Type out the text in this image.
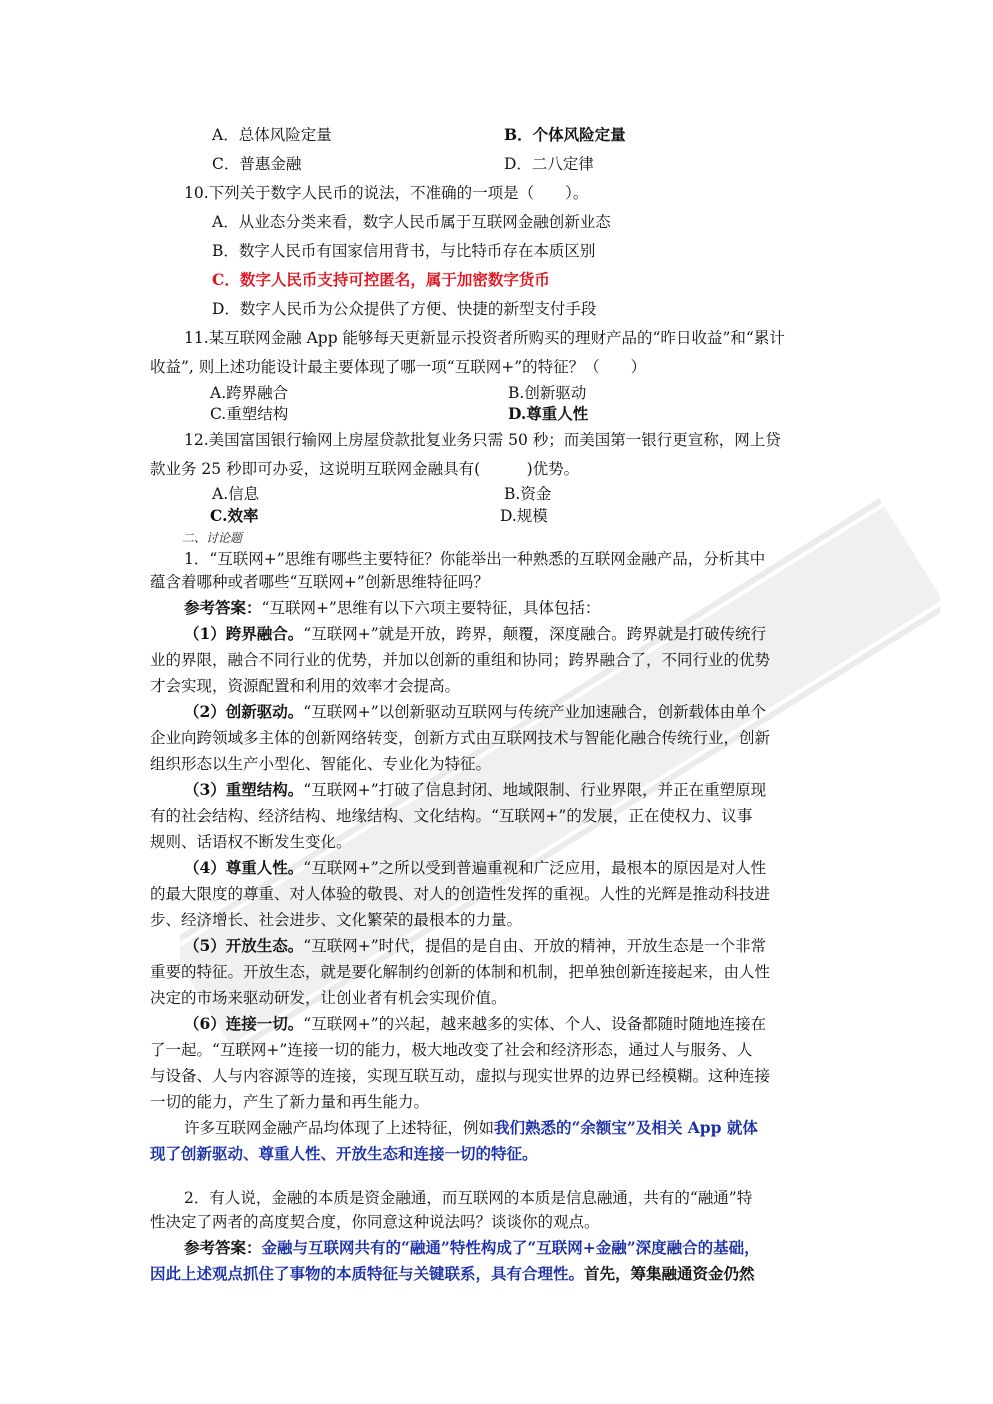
A．总体风险定量	B．个体风险定量
C．普惠金融	D．二八定律
10.下列关于数字人民币的说法，不准确的一项是（　　）。
A．从业态分类来看，数字人民币属于互联网金融创新业态
B．数字人民币有国家信用背书，与比特币存在本质区别
C．数字人民币支持可控匿名，属于加密数字货币
D．数字人民币为公众提供了方便、快捷的新型支付手段
11.某互联网金融 App 能够每天更新显示投资者所购买的理财产品的“昨日收益”和“累计
收益”, 则上述功能设计最主要体现了哪一项“互联网+”的特征？（　　）
A.跨界融合	B.创新驱动
C.重塑结构	D.尊重人性
12.美国富国银行输网上房屋贷款批复业务只需 50 秒；而美国第一银行更宣称，网上贷
款业务 25 秒即可办妥，这说明互联网金融具有(　　　)优势。
A.信息	B.资金
C.效率	D.规模
二、讨论题
1．“互联网+”思维有哪些主要特征？你能举出一种熟悉的互联网金融产品，分析其中
蕴含着哪种或者哪些“互联网+”创新思维特征吗？
参考答案：“互联网+”思维有以下六项主要特征，具体包括：
（1）跨界融合。“互联网+”就是开放，跨界，颠覆，深度融合。跨界就是打破传统行
业的界限，融合不同行业的优势，并加以创新的重组和协同；跨界融合了，不同行业的优势
才会实现，资源配置和利用的效率才会提高。
（2）创新驱动。“互联网+”以创新驱动互联网与传统产业加速融合，创新载体由单个
企业向跨领域多主体的创新网络转变，创新方式由互联网技术与智能化融合传统行业，创新
组织形态以生产小型化、智能化、专业化为特征。
（3）重塑结构。“互联网+”打破了信息封闭、地域限制、行业界限，并正在重塑原现
有的社会结构、经济结构、地缘结构、文化结构。“互联网+”的发展，正在使权力、议事
规则、话语权不断发生变化。
（4）尊重人性。“互联网+”之所以受到普遍重视和广泛应用，最根本的原因是对人性
的最大限度的尊重、对人体验的敬畏、对人的创造性发挥的重视。人性的光辉是推动科技进
步、经济增长、社会进步、文化繁荣的最根本的力量。
（5）开放生态。“互联网+”时代，提倡的是自由、开放的精神，开放生态是一个非常
重要的特征。开放生态，就是要化解制约创新的体制和机制，把单独创新连接起来，由人性
决定的市场来驱动研发，让创业者有机会实现价值。
（6）连接一切。“互联网+”的兴起，越来越多的实体、个人、设备都随时随地连接在
了一起。“互联网+”连接一切的能力，极大地改变了社会和经济形态，通过人与服务、人
与设备、人与内容源等的连接，实现互联互动，虚拟与现实世界的边界已经模糊。这种连接
一切的能力，产生了新力量和再生能力。
许多互联网金融产品均体现了上述特征，例如我们熟悉的“余额宝”及相关 App 就体
现了创新驱动、尊重人性、开放生态和连接一切的特征。
2．有人说，金融的本质是资金融通，而互联网的本质是信息融通，共有的“融通”特
性决定了两者的高度契合度，你同意这种说法吗？谈谈你的观点。
参考答案：金融与互联网共有的“融通”特性构成了“互联网+金融”深度融合的基础，
因此上述观点抓住了事物的本质特征与关键联系，具有合理性。首先，筹集融通资金仍然
